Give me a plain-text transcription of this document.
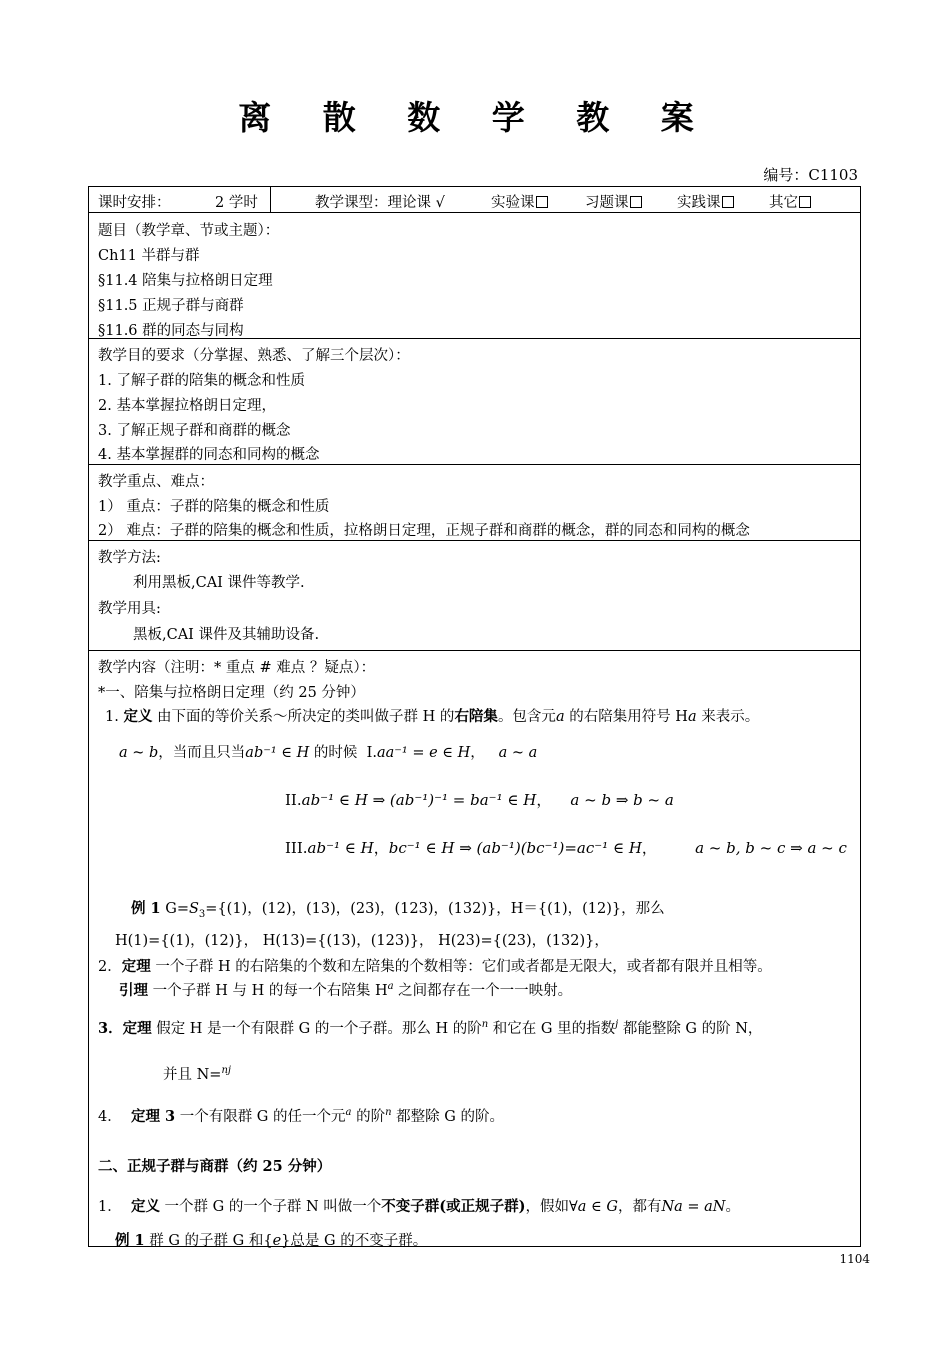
离 散 数 学 教 案
编号：C1103
课时安排：	2 学时	教学课型：理论课 √	实验课	习题课	实践课	其它
题目（教学章、节或主题）：
Ch11 半群与群
§11.4 陪集与拉格朗日定理
§11.5 正规子群与商群
§11.6 群的同态与同构
教学目的要求（分掌握、熟悉、了解三个层次）：
1. 了解子群的陪集的概念和性质
2. 基本掌握拉格朗日定理，
3. 了解正规子群和商群的概念
4. 基本掌握群的同态和同构的概念
教学重点、难点：
1） 重点：子群的陪集的概念和性质
2） 难点：子群的陪集的概念和性质，拉格朗日定理，正规子群和商群的概念，群的同态和同构的概念
教学方法:
利用黑板,CAI 课件等教学.
教学用具:
黑板,CAI 课件及其辅助设备.
教学内容（注明：* 重点 # 难点 ？疑点）：
*一、陪集与拉格朗日定理（约 25 分钟）
1. 定义 由下面的等价关系～所决定的类叫做子群 H 的右陪集。包含元a 的右陪集用符号 Ha 来表示。
a ~ b，当而且只当ab⁻¹ ∈ H 的时候 I.aa⁻¹ = e ∈ H，   a ~ a
II.ab⁻¹ ∈ H ⇒ (ab⁻¹)⁻¹ = ba⁻¹ ∈ H，    a ~ b ⇒ b ~ a
III.ab⁻¹ ∈ H，bc⁻¹ ∈ H ⇒ (ab⁻¹)(bc⁻¹)=ac⁻¹ ∈ H，        a ~ b, b ~ c ⇒ a ~ c
例 1 $G=S_3=\{(1)$，(12)，(13)，(23)，(123)，(132)}，H＝{(1)，(12)}，那么
H(1)={(1)，(12)}， H(13)={(13)，(123)}， H(23)={(23)，(132)}，
2．定理 一个子群 H 的右陪集的个数和左陪集的个数相等：它们或者都是无限大，或者都有限并且相等。
引理 一个子群 H 与 H 的每一个右陪集 $H^a$ 之间都存在一个一一映射。
3．定理 假定 H 是一个有限群 G 的一个子群。那么 H 的阶$^n$ 和它在 G 里的指数$^j$ 都能整除 G 的阶 N，
并且 N=$^{nj}$
4． 定理 3 一个有限群 G 的任一个元$^a$ 的阶$^n$ 都整除 G 的阶。
二、正规子群与商群（约 25 分钟）
1． 定义 一个群 G 的一个子群 N 叫做一个不变子群(或正规子群)，假如∀a ∈ G，都有Na = aN。
例 1 群 G 的子群 G 和{e}总是 G 的不变子群。
1104
